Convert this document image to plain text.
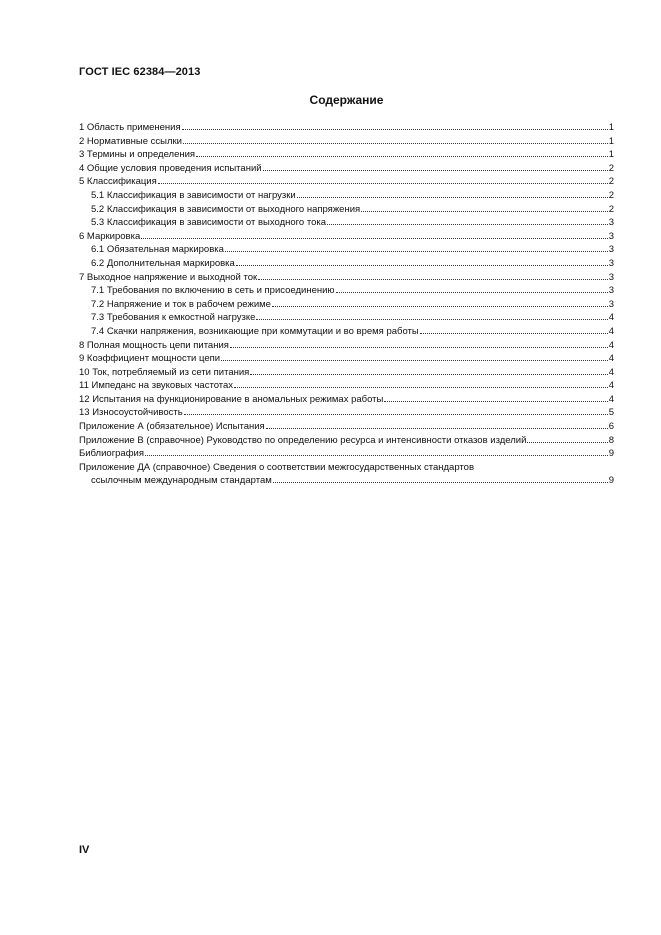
ГОСТ IEC 62384—2013
Содержание
1 Область применения	1
2 Нормативные ссылки	1
3 Термины и определения	1
4 Общие условия проведения испытаний	2
5 Классификация	2
5.1 Классификация в зависимости от нагрузки	2
5.2 Классификация в зависимости от выходного напряжения	2
5.3 Классификация в зависимости от выходного тока	3
6 Маркировка	3
6.1 Обязательная маркировка	3
6.2 Дополнительная маркировка	3
7 Выходное напряжение и выходной ток	3
7.1 Требования по включению в сеть и присоединению	3
7.2 Напряжение и ток в рабочем режиме	3
7.3 Требования к емкостной нагрузке	4
7.4 Скачки напряжения, возникающие при коммутации и во время работы	4
8 Полная мощность цепи питания	4
9 Коэффициент мощности цепи	4
10 Ток, потребляемый из сети питания	4
11 Импеданс на звуковых частотах	4
12 Испытания на функционирование в аномальных режимах работы	4
13 Износоустойчивость	5
Приложение А (обязательное) Испытания	6
Приложение В (справочное) Руководство по определению ресурса и интенсивности отказов изделий	8
Библиография	9
Приложение ДА (справочное) Сведения о соответствии межгосударственных стандартов
ссылочным международным стандартам	9
IV
